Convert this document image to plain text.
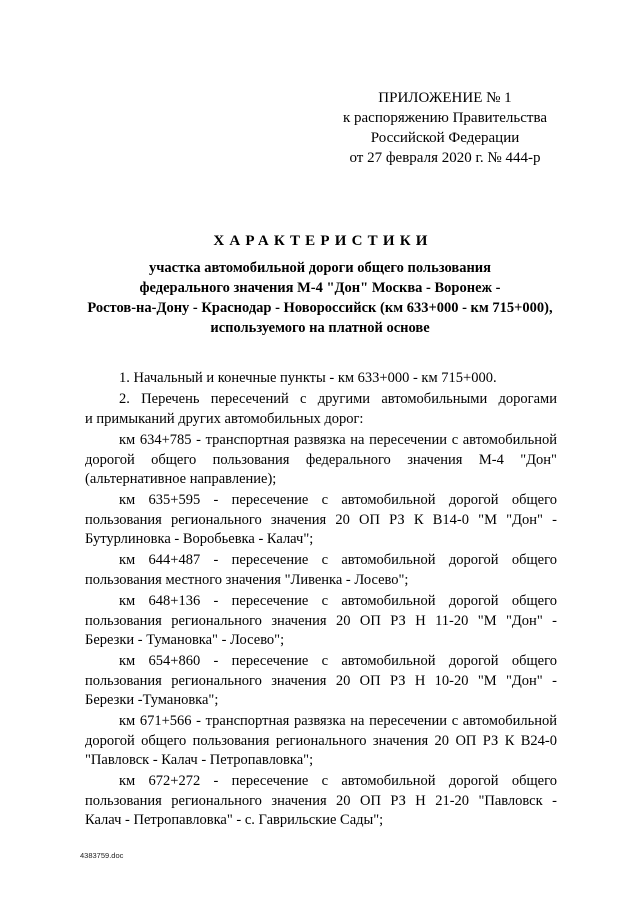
ПРИЛОЖЕНИЕ № 1
к распоряжению Правительства
Российской Федерации
от 27 февраля 2020 г. № 444-р
ХАРАКТЕРИСТИКИ
участка автомобильной дороги общего пользования
федерального значения М-4 "Дон" Москва - Воронеж -
Ростов-на-Дону - Краснодар - Новороссийск (км 633+000 - км 715+000),
используемого на платной основе
1. Начальный и конечные пункты - км 633+000 - км 715+000.
2. Перечень пересечений с другими автомобильными дорогами
и примыканий других автомобильных дорог:
км 634+785 - транспортная развязка на пересечении с автомобильной
дорогой общего пользования федерального значения М-4 "Дон"
(альтернативное направление);
км 635+595 - пересечение с автомобильной дорогой общего
пользования регионального значения 20 ОП РЗ К В14-0 "М "Дон" -
Бутурлиновка - Воробьевка - Калач";
км 644+487 - пересечение с автомобильной дорогой общего
пользования местного значения "Ливенка - Лосево";
км 648+136 - пересечение с автомобильной дорогой общего
пользования регионального значения 20 ОП РЗ Н 11-20 "М "Дон" -
Березки - Тумановка" - Лосево";
км 654+860 - пересечение с автомобильной дорогой общего
пользования регионального значения 20 ОП РЗ Н 10-20 "М "Дон" -
Березки -Тумановка";
км 671+566 - транспортная развязка на пересечении с автомобильной
дорогой общего пользования регионального значения 20 ОП РЗ К В24-0
"Павловск - Калач - Петропавловка";
км 672+272 - пересечение с автомобильной дорогой общего
пользования регионального значения 20 ОП РЗ Н 21-20 "Павловск -
Калач - Петропавловка" - с. Гаврильские Сады";
4383759.doc
